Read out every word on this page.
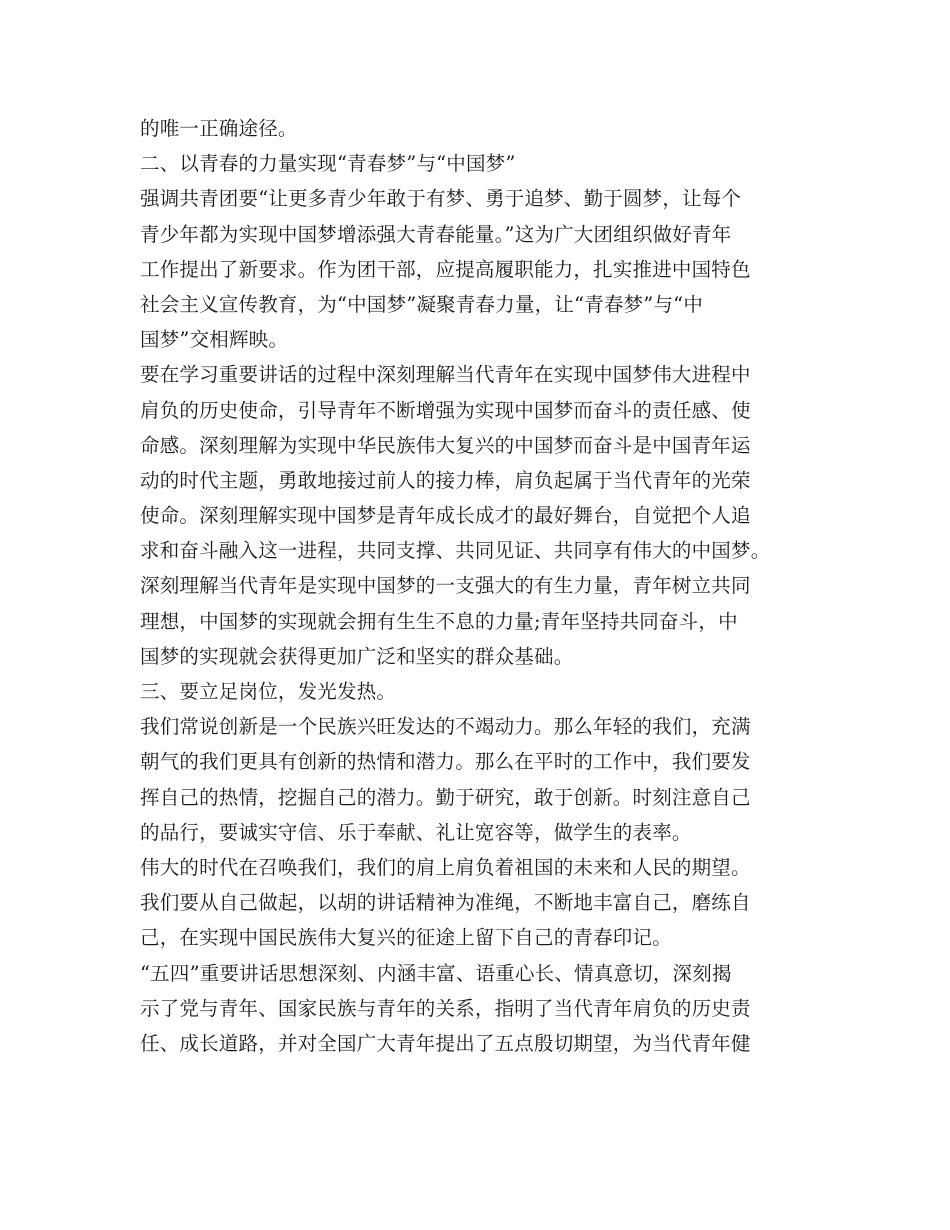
的唯一正确途径。
二、以青春的力量实现“青春梦”与“中国梦”
强调共青团要“让更多青少年敢于有梦、勇于追梦、勤于圆梦，让每个
青少年都为实现中国梦增添强大青春能量。”这为广大团组织做好青年
工作提出了新要求。作为团干部，应提高履职能力，扎实推进中国特色
社会主义宣传教育，为“中国梦”凝聚青春力量，让“青春梦”与“中
国梦”交相辉映。
要在学习重要讲话的过程中深刻理解当代青年在实现中国梦伟大进程中
肩负的历史使命，引导青年不断增强为实现中国梦而奋斗的责任感、使
命感。深刻理解为实现中华民族伟大复兴的中国梦而奋斗是中国青年运
动的时代主题，勇敢地接过前人的接力棒，肩负起属于当代青年的光荣
使命。深刻理解实现中国梦是青年成长成才的最好舞台，自觉把个人追
求和奋斗融入这一进程，共同支撑、共同见证、共同享有伟大的中国梦。
深刻理解当代青年是实现中国梦的一支强大的有生力量，青年树立共同
理想，中国梦的实现就会拥有生生不息的力量;青年坚持共同奋斗，中
国梦的实现就会获得更加广泛和坚实的群众基础。
三、要立足岗位，发光发热。
我们常说创新是一个民族兴旺发达的不竭动力。那么年轻的我们，充满
朝气的我们更具有创新的热情和潜力。那么在平时的工作中，我们要发
挥自己的热情，挖掘自己的潜力。勤于研究，敢于创新。时刻注意自己
的品行，要诚实守信、乐于奉献、礼让宽容等，做学生的表率。
伟大的时代在召唤我们，我们的肩上肩负着祖国的未来和人民的期望。
我们要从自己做起，以胡的讲话精神为准绳，不断地丰富自己，磨练自
己，在实现中国民族伟大复兴的征途上留下自己的青春印记。
“五四”重要讲话思想深刻、内涵丰富、语重心长、情真意切，深刻揭
示了党与青年、国家民族与青年的关系，指明了当代青年肩负的历史责
任、成长道路，并对全国广大青年提出了五点殷切期望，为当代青年健
